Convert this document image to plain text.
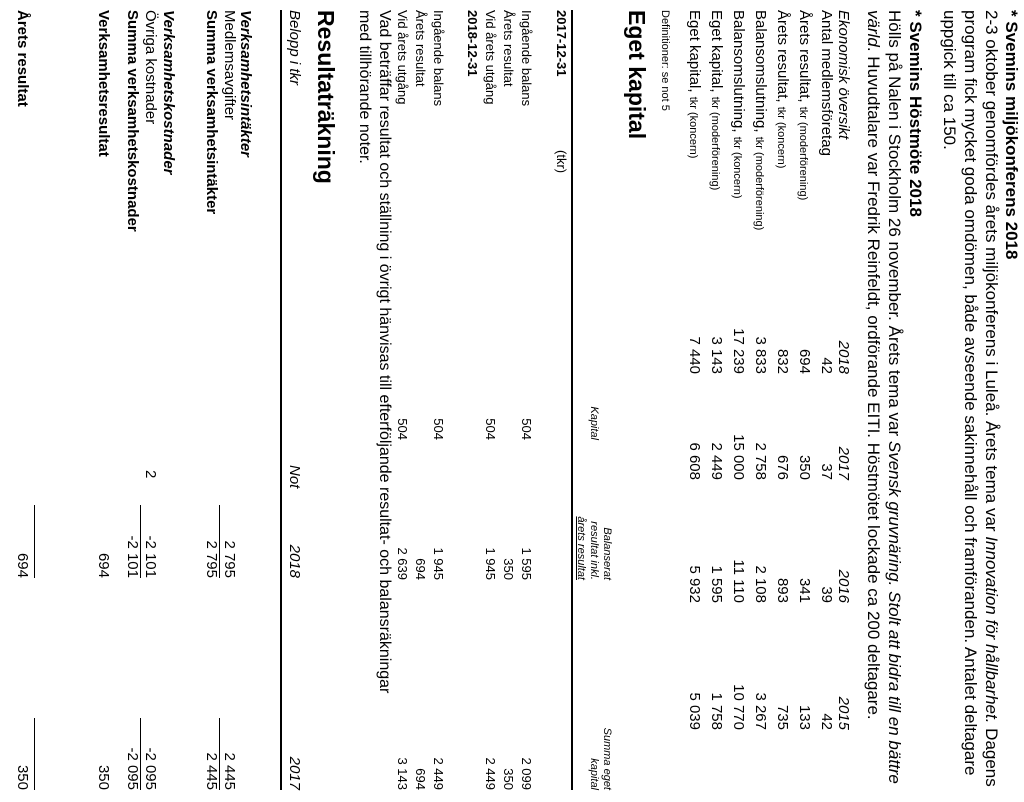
* Svemins miljökonferens 2018
2-3 oktober genomfördes årets miljökonferens i Luleå. Årets tema var Innovation för hållbarhet. Dagens
program fick mycket goda omdömen, både avseende sakinnehåll och framföranden. Antalet deltagare
uppgick till ca 150.
* Svemins Höstmöte 2018
Hölls på Nalen i Stockholm 26 november. Årets tema var Svensk gruvnäring. Stolt att bidra till en bättre
värld. Huvudtalare var Fredrik Reinfeldt, ordförande EITI. Höstmötet lockade ca 200 deltagare.
Ekonomisk översikt
2018
2017
2016
2015
Antal medlemsföretag
42
37
39
42
Årets resultat, tkr (moderförening)
694
350
341
133
Årets resultat, tkr (koncern)
832
676
893
735
Balansomslutning, tkr (moderförening)
3 833
2 758
2 108
3 267
Balansomslutning, tkr (koncern)
17 239
15 000
11 110
10 770
Eget kapital, tkr (moderförening)
3 143
2 449
1 595
1 758
Eget kapital, tkr (koncern)
7 440
6 608
5 932
5 039
Definitioner: se not 5
Eget kapital
Balanserat
Summa eget
Kapital
resultat inkl.
kapital
årets resultat
2017-12-31
(tkr)
Ingående balans
504
1 595
2 099
Årets resultat
350
350
Vid årets utgång
504
1 945
2 449
2018-12-31
Ingående balans
504
1 945
2 449
Årets resultat
694
694
Vid årets utgång
504
2 639
3 143
Vad beträffar resultat och ställning i övrigt hänvisas till efterföljande resultat- och balansräkningar
med tillhörande noter.
Resultaträkning
Belopp i tkr
Not
2018
2017
Verksamhetsintäkter
Medlemsavgifter
2 795
2 445
Summa verksamhetsintäkter
2 795
2 445
Verksamhetskostnader
Övriga kostnader
2
-2 101
-2 095
Summa verksamhetskostnader
-2 101
-2 095
Verksamhetsresultat
694
350
Årets resultat
694
350
